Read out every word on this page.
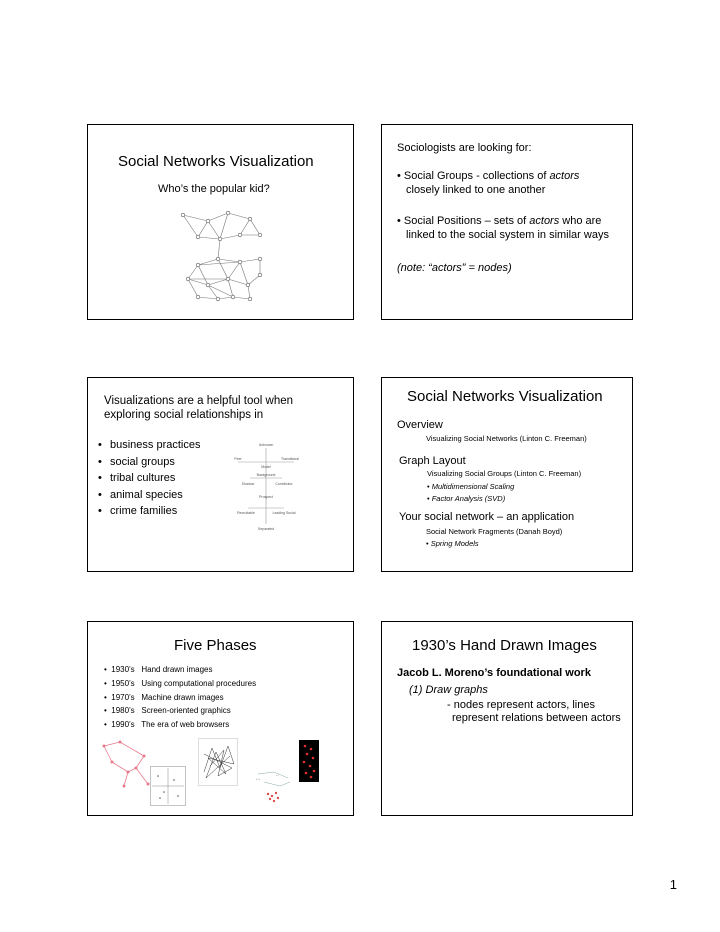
Social Networks Visualization
Who’s the popular kid?
Sociologists are looking for:
• Social Groups - collections of actors
closely linked to one another
• Social Positions – sets of actors who are
linked to the social system in similar ways
(note: “actors” = nodes)
Visualizations are a helpful tool when
exploring social relationships in
• business practices
• social groups
• tribal cultures
• animal species
• crime families
Unknown
Peer	Transitional
Model
Background
Shadow	Contributor
Prospect
Recruitable	Leading Social
Separated
Social Networks Visualization
Overview
Visualizing Social Networks (Linton C. Freeman)
Graph Layout
Visualizing Social Groups (Linton C. Freeman)
• Multidimensional Scaling
• Factor Analysis (SVD)
Your social network – an application
Social Network Fragments (Danah Boyd)
• Spring Models
Five Phases
•  1930’s Hand drawn images
•  1950’s Using computational procedures
•  1970’s Machine drawn images
•  1980’s Screen-oriented graphics
•  1990’s The era of web browsers
• • •
• •
1930’s Hand Drawn Images
Jacob L. Moreno’s foundational work
(1) Draw graphs
- nodes represent actors, lines
represent relations between actors
1
